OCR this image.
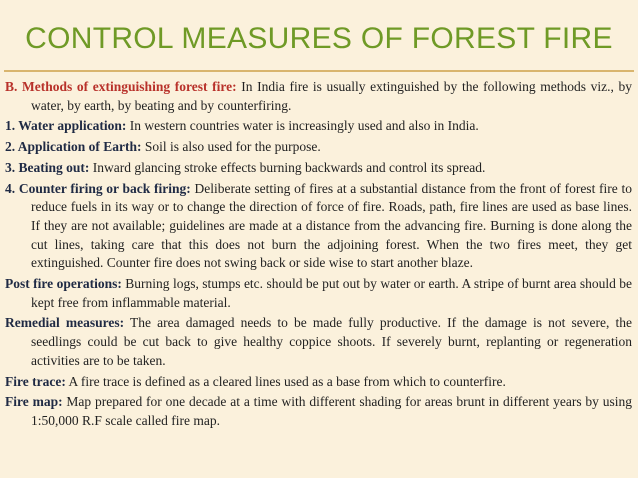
CONTROL MEASURES OF FOREST FIRE

B. Methods of extinguishing forest fire: In India fire is usually extinguished by the following methods viz., by water, by earth, by beating and by counterfiring.

1. Water application: In western countries water is increasingly used and also in India.

2. Application of Earth: Soil is also used for the purpose.

3. Beating out: Inward glancing stroke effects burning backwards and control its spread.

4. Counter firing or back firing: Deliberate setting of fires at a substantial distance from the front of forest fire to reduce fuels in its way or to change the direction of force of fire. Roads, path, fire lines are used as base lines. If they are not available; guidelines are made at a distance from the advancing fire. Burning is done along the cut lines, taking care that this does not burn the adjoining forest. When the two fires meet, they get extinguished. Counter fire does not swing back or side wise to start another blaze.

Post fire operations: Burning logs, stumps etc. should be put out by water or earth. A stripe of burnt area should be kept free from inflammable material.

Remedial measures: The area damaged needs to be made fully productive. If the damage is not severe, the seedlings could be cut back to give healthy coppice shoots. If severely burnt, replanting or regeneration activities are to be taken.

Fire trace: A fire trace is defined as a cleared lines used as a base from which to counterfire.

Fire map: Map prepared for one decade at a time with different shading for areas brunt in different years by using 1:50,000 R.F scale called fire map.
